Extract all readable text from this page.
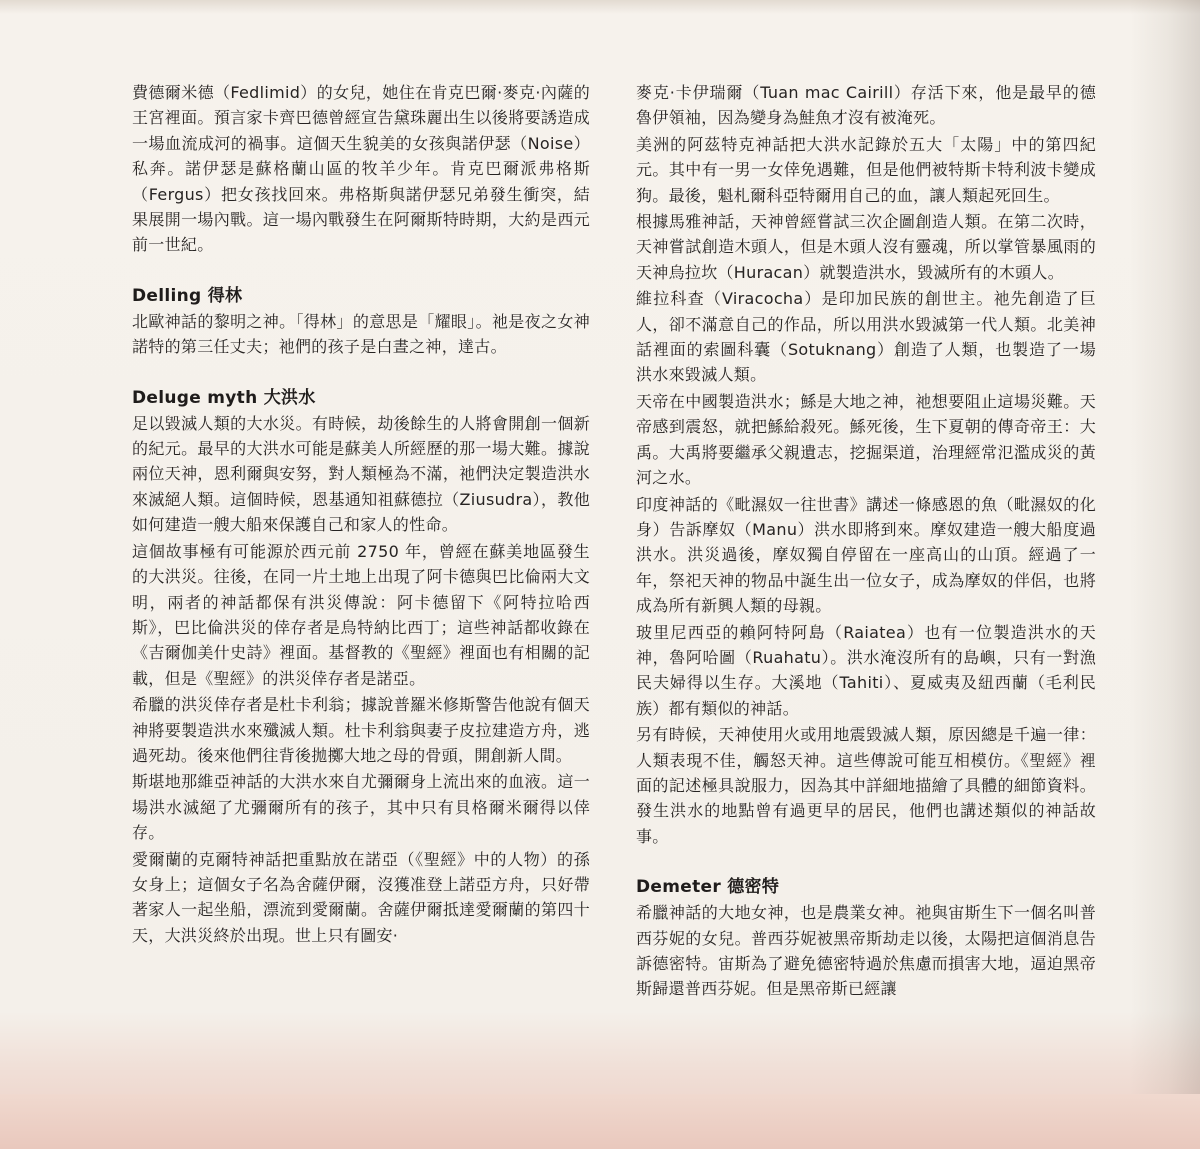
費德爾米德（Fedlimid）的女兒，她住在肯克巴爾·麥克·內薩的王宮裡面。預言家卡齊巴德曾經宣告黛珠麗出生以後將要誘造成一場血流成河的禍事。這個天生貌美的女孩與諾伊瑟（Noise）私奔。諾伊瑟是蘇格蘭山區的牧羊少年。肯克巴爾派弗格斯（Fergus）把女孩找回來。弗格斯與諾伊瑟兄弟發生衝突，結果展開一場內戰。這一場內戰發生在阿爾斯特時期，大約是西元前一世紀。

Delling 得林

北歐神話的黎明之神。「得林」的意思是「耀眼」。祂是夜之女神諾特的第三任丈夫；祂們的孩子是白晝之神，達古。

Deluge myth 大洪水

足以毀滅人類的大水災。有時候，劫後餘生的人將會開創一個新的紀元。最早的大洪水可能是蘇美人所經歷的那一場大難。據說兩位天神，恩利爾與安努，對人類極為不滿，祂們決定製造洪水來滅絕人類。這個時候，恩基通知祖蘇德拉（Ziusudra），教他如何建造一艘大船來保護自己和家人的性命。

這個故事極有可能源於西元前 2750 年，曾經在蘇美地區發生的大洪災。往後，在同一片土地上出現了阿卡德與巴比倫兩大文明，兩者的神話都保有洪災傳說：阿卡德留下《阿特拉哈西斯》，巴比倫洪災的倖存者是烏特納比西丁；這些神話都收錄在《吉爾伽美什史詩》裡面。基督教的《聖經》裡面也有相關的記載，但是《聖經》的洪災倖存者是諾亞。

希臘的洪災倖存者是杜卡利翁；據說普羅米修斯警告他說有個天神將要製造洪水來殲滅人類。杜卡利翁與妻子皮拉建造方舟，逃過死劫。後來他們往背後拋擲大地之母的骨頭，開創新人間。

斯堪地那維亞神話的大洪水來自尤彌爾身上流出來的血液。這一場洪水滅絕了尤彌爾所有的孩子，其中只有貝格爾米爾得以倖存。

愛爾蘭的克爾特神話把重點放在諾亞（《聖經》中的人物）的孫女身上；這個女子名為舍薩伊爾，沒獲准登上諾亞方舟，只好帶著家人一起坐船，漂流到愛爾蘭。舍薩伊爾抵達愛爾蘭的第四十天，大洪災終於出現。世上只有圖安·

麥克·卡伊瑞爾（Tuan mac Cairill）存活下來，他是最早的德魯伊領袖，因為變身為鮭魚才沒有被淹死。

美洲的阿茲特克神話把大洪水記錄於五大「太陽」中的第四紀元。其中有一男一女倖免遇難，但是他們被特斯卡特利波卡變成狗。最後，魁札爾科亞特爾用自己的血，讓人類起死回生。

根據馬雅神話，天神曾經嘗試三次企圖創造人類。在第二次時，天神嘗試創造木頭人，但是木頭人沒有靈魂，所以掌管暴風雨的天神烏拉坎（Huracan）就製造洪水，毀滅所有的木頭人。

維拉科查（Viracocha）是印加民族的創世主。祂先創造了巨人，卻不滿意自己的作品，所以用洪水毀滅第一代人類。北美神話裡面的索圖科囊（Sotuknang）創造了人類，也製造了一場洪水來毀滅人類。

天帝在中國製造洪水；鯀是大地之神，祂想要阻止這場災難。天帝感到震怒，就把鯀給殺死。鯀死後，生下夏朝的傳奇帝王：大禹。大禹將要繼承父親遺志，挖掘渠道，治理經常氾濫成災的黃河之水。

印度神話的《毗濕奴一往世書》講述一條感恩的魚（毗濕奴的化身）告訴摩奴（Manu）洪水即將到來。摩奴建造一艘大船度過洪水。洪災過後，摩奴獨自停留在一座高山的山頂。經過了一年，祭祀天神的物品中誕生出一位女子，成為摩奴的伴侶，也將成為所有新興人類的母親。

玻里尼西亞的賴阿特阿島（Raiatea）也有一位製造洪水的天神，魯阿哈圖（Ruahatu）。洪水淹沒所有的島嶼，只有一對漁民夫婦得以生存。大溪地（Tahiti）、夏威夷及紐西蘭（毛利民族）都有類似的神話。

另有時候，天神使用火或用地震毀滅人類，原因總是千遍一律：人類表現不佳，觸怒天神。這些傳說可能互相模仿。《聖經》裡面的記述極具說服力，因為其中詳細地描繪了具體的細節資料。發生洪水的地點曾有過更早的居民，他們也講述類似的神話故事。

Demeter 德密特

希臘神話的大地女神，也是農業女神。祂與宙斯生下一個名叫普西芬妮的女兒。普西芬妮被黑帝斯劫走以後，太陽把這個消息告訴德密特。宙斯為了避免德密特過於焦慮而損害大地，逼迫黑帝斯歸還普西芬妮。但是黑帝斯已經讓
